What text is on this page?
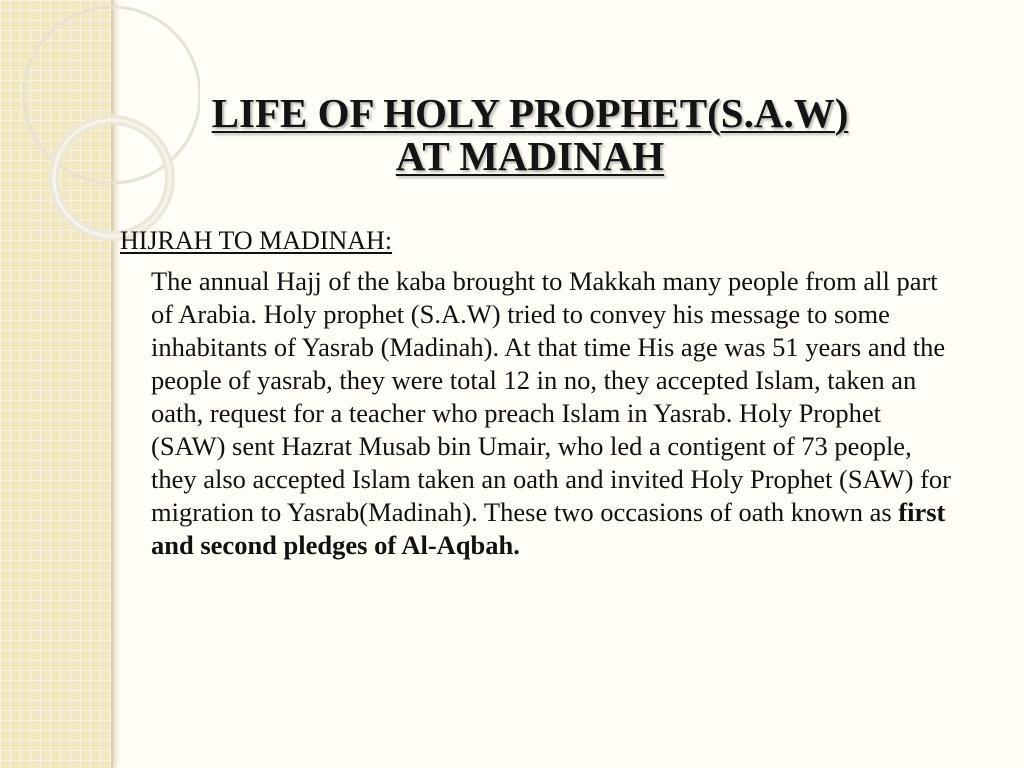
LIFE OF HOLY PROPHET(S.A.W)
AT MADINAH
HIJRAH TO MADINAH:

The annual Hajj of the kaba brought to Makkah many people from all part of Arabia. Holy prophet (S.A.W) tried to convey his message to some inhabitants of Yasrab (Madinah). At that time His age was 51 years and the people of yasrab, they were total 12 in no, they accepted Islam, taken an oath, request for a teacher who preach Islam in Yasrab. Holy Prophet (SAW) sent Hazrat Musab bin Umair, who led a contigent of 73 people, they also accepted Islam taken an oath and invited Holy Prophet (SAW) for migration to Yasrab(Madinah). These two occasions of oath known as first and second pledges of Al-Aqbah.
